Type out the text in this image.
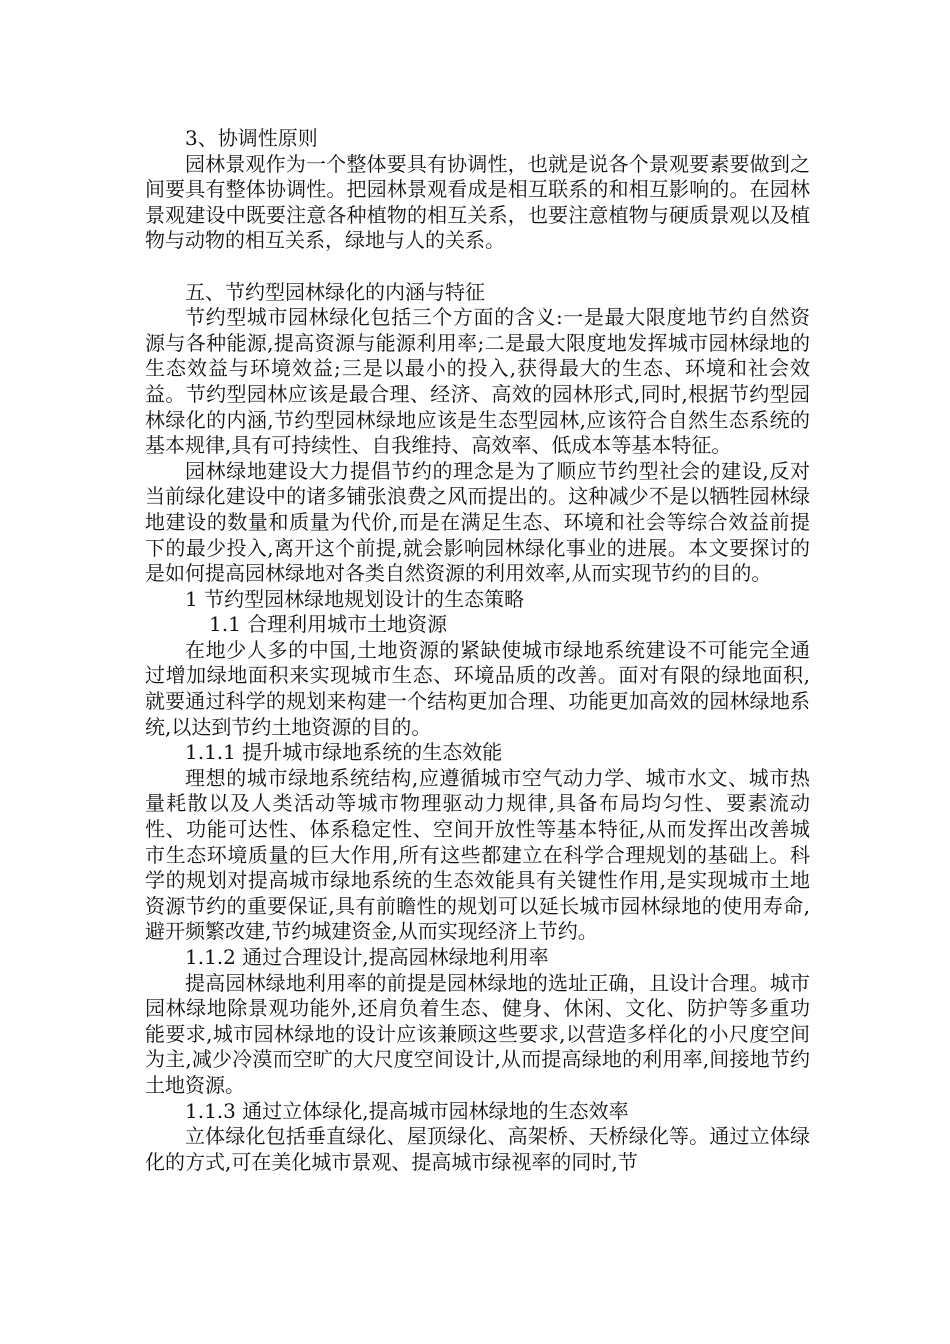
3、协调性原则

园林景观作为一个整体要具有协调性，也就是说各个景观要素要做到之间要具有整体协调性。把园林景观看成是相互联系的和相互影响的。在园林景观建设中既要注意各种植物的相互关系，也要注意植物与硬质景观以及植物与动物的相互关系，绿地与人的关系。

五、节约型园林绿化的内涵与特征

节约型城市园林绿化包括三个方面的含义:一是最大限度地节约自然资源与各种能源,提高资源与能源利用率;二是最大限度地发挥城市园林绿地的生态效益与环境效益;三是以最小的投入,获得最大的生态、环境和社会效益。节约型园林应该是最合理、经济、高效的园林形式,同时,根据节约型园林绿化的内涵,节约型园林绿地应该是生态型园林,应该符合自然生态系统的基本规律,具有可持续性、自我维持、高效率、低成本等基本特征。

园林绿地建设大力提倡节约的理念是为了顺应节约型社会的建设,反对当前绿化建设中的诸多铺张浪费之风而提出的。这种减少不是以牺牲园林绿地建设的数量和质量为代价,而是在满足生态、环境和社会等综合效益前提下的最少投入,离开这个前提,就会影响园林绿化事业的进展。本文要探讨的是如何提高园林绿地对各类自然资源的利用效率,从而实现节约的目的。

1 节约型园林绿地规划设计的生态策略

1.1 合理利用城市土地资源

在地少人多的中国,土地资源的紧缺使城市绿地系统建设不可能完全通过增加绿地面积来实现城市生态、环境品质的改善。面对有限的绿地面积,就要通过科学的规划来构建一个结构更加合理、功能更加高效的园林绿地系统,以达到节约土地资源的目的。

1.1.1 提升城市绿地系统的生态效能

理想的城市绿地系统结构,应遵循城市空气动力学、城市水文、城市热量耗散以及人类活动等城市物理驱动力规律,具备布局均匀性、要素流动性、功能可达性、体系稳定性、空间开放性等基本特征,从而发挥出改善城市生态环境质量的巨大作用,所有这些都建立在科学合理规划的基础上。科学的规划对提高城市绿地系统的生态效能具有关键性作用,是实现城市土地资源节约的重要保证,具有前瞻性的规划可以延长城市园林绿地的使用寿命,避开频繁改建,节约城建资金,从而实现经济上节约。

1.1.2 通过合理设计,提高园林绿地利用率

提高园林绿地利用率的前提是园林绿地的选址正确，且设计合理。城市园林绿地除景观功能外,还肩负着生态、健身、休闲、文化、防护等多重功能要求,城市园林绿地的设计应该兼顾这些要求,以营造多样化的小尺度空间为主,减少冷漠而空旷的大尺度空间设计,从而提高绿地的利用率,间接地节约土地资源。

1.1.3 通过立体绿化,提高城市园林绿地的生态效率

立体绿化包括垂直绿化、屋顶绿化、高架桥、天桥绿化等。通过立体绿化的方式,可在美化城市景观、提高城市绿视率的同时,节
